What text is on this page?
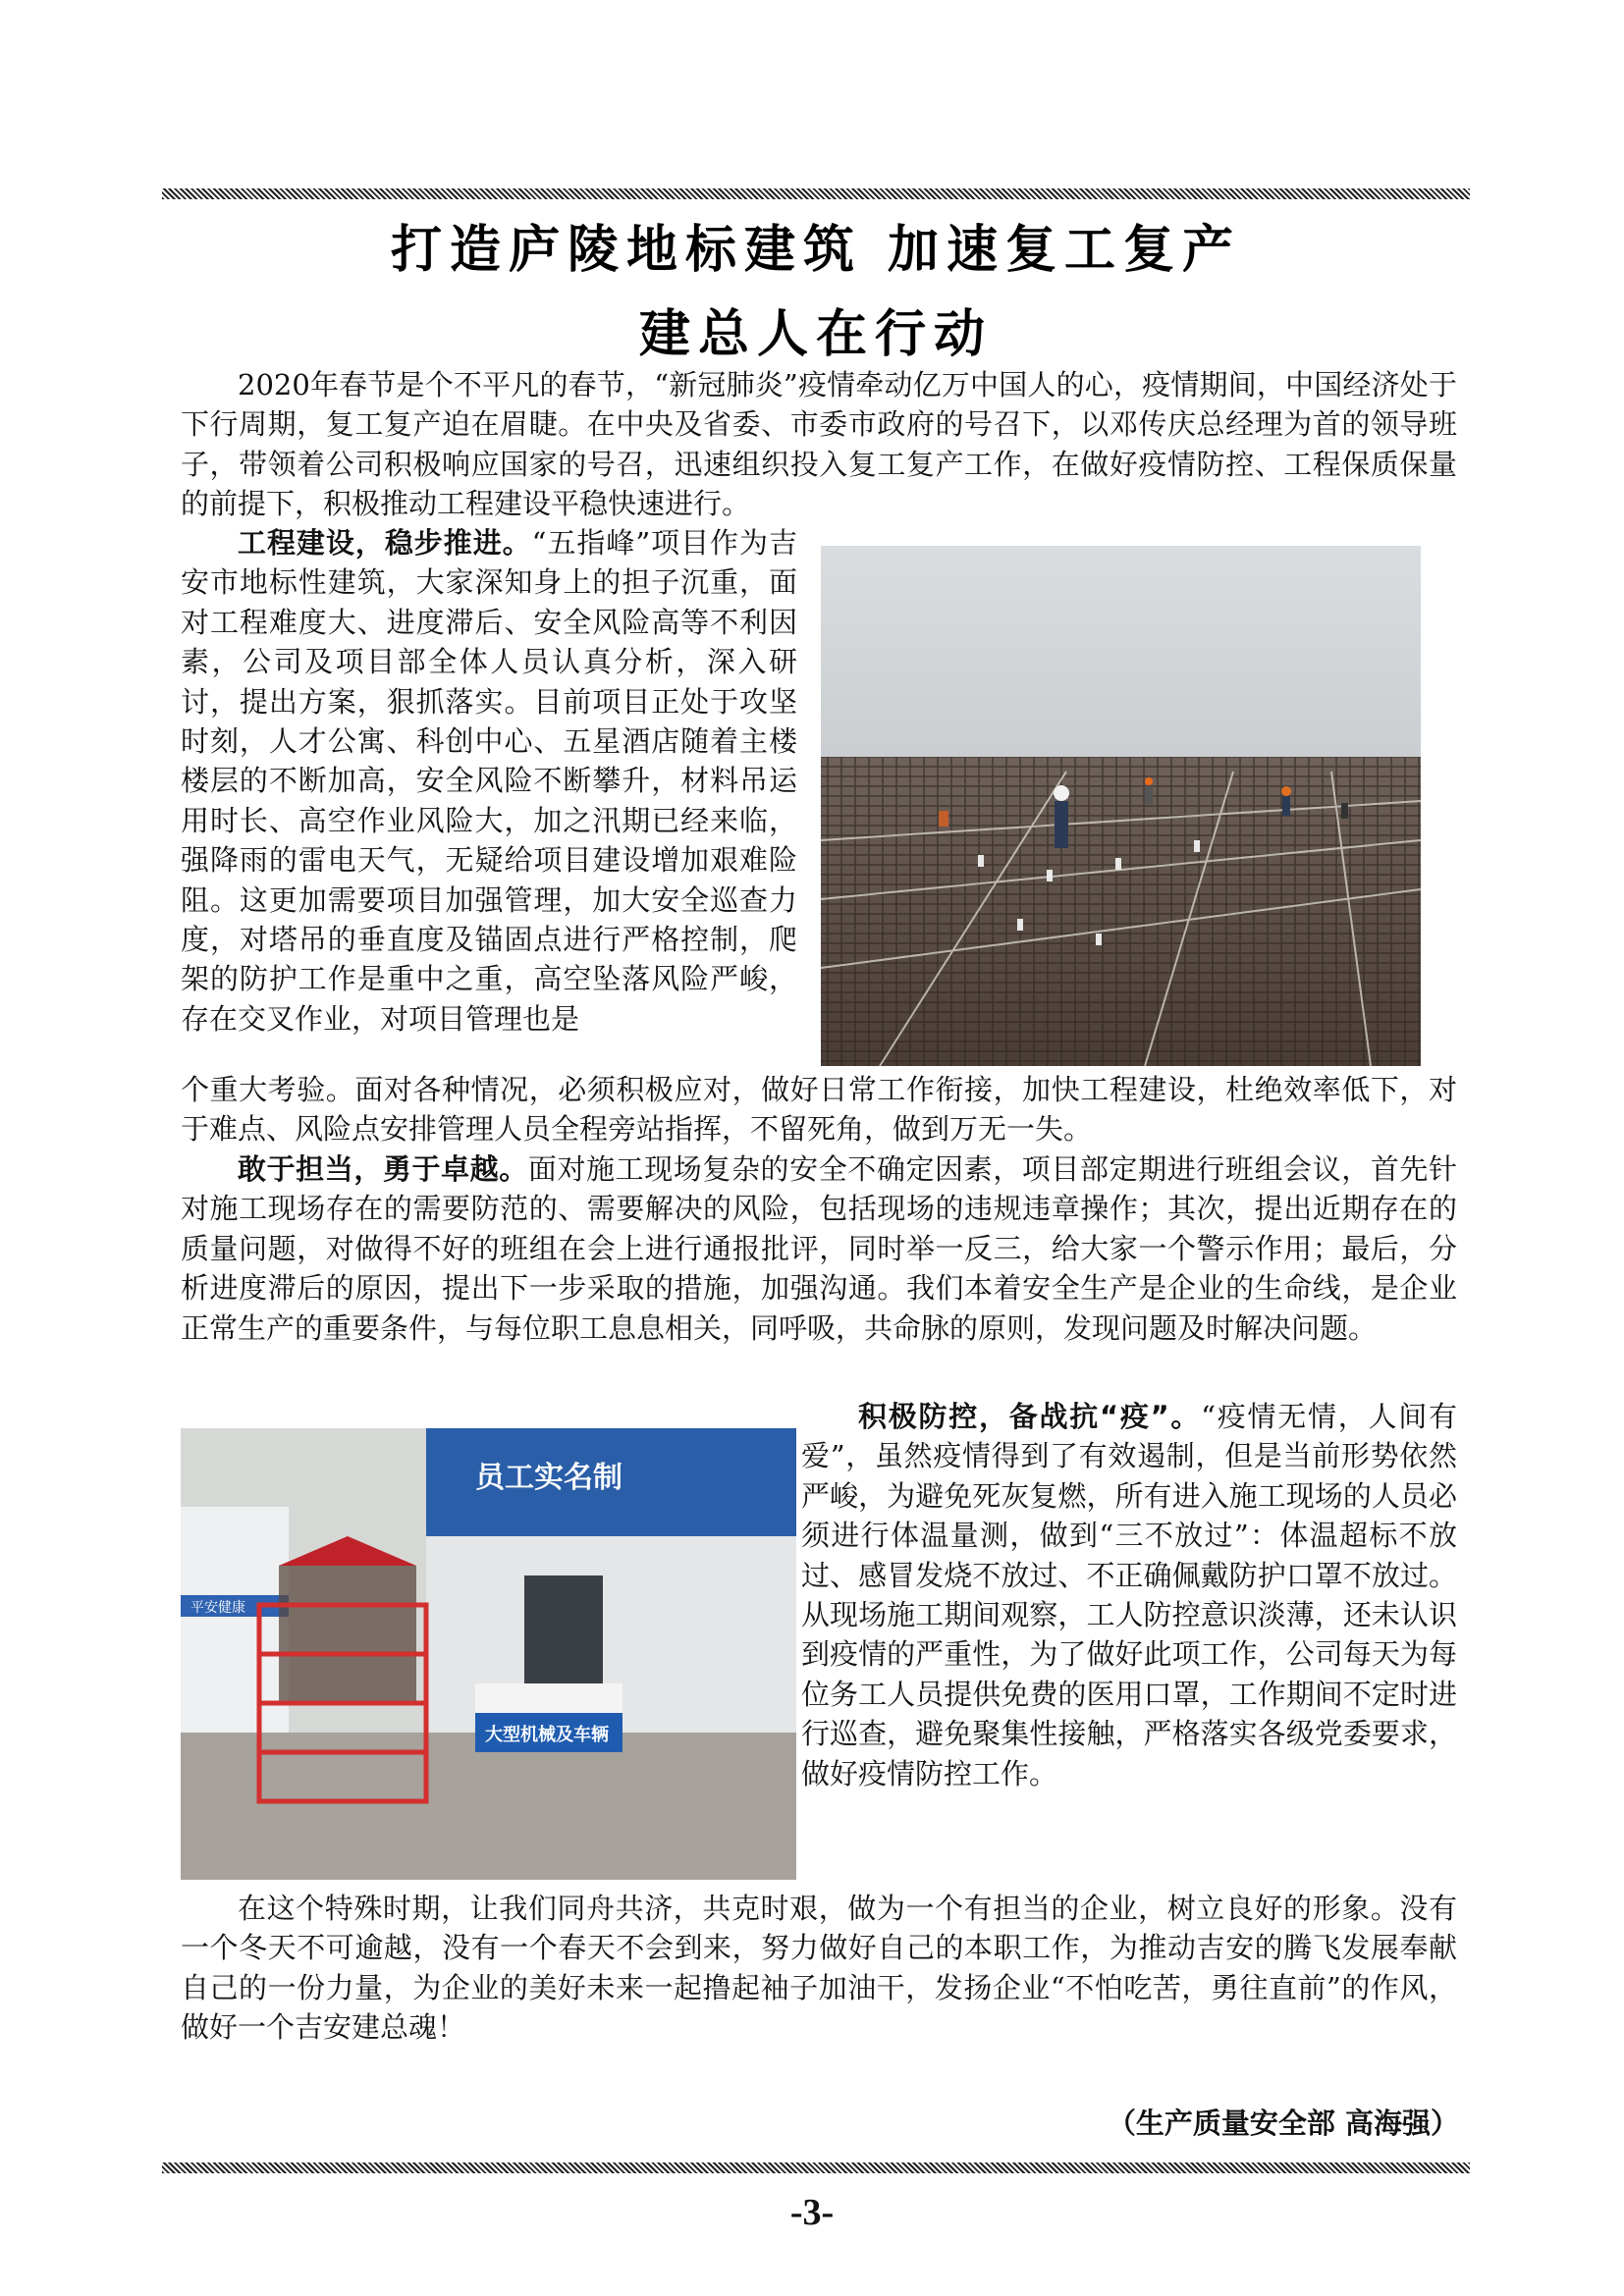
打造庐陵地标建筑 加速复工复产
建总人在行动

2020年春节是个不平凡的春节，“新冠肺炎”疫情牵动亿万中国人的心，疫情期间，中国经济处于下行周期，复工复产迫在眉睫。在中央及省委、市委市政府的号召下，以邓传庆总经理为首的领导班子，带领着公司积极响应国家的号召，迅速组织投入复工复产工作，在做好疫情防控、工程保质保量的前提下，积极推动工程建设平稳快速进行。

工程建设，稳步推进。“五指峰”项目作为吉安市地标性建筑，大家深知身上的担子沉重，面对工程难度大、进度滞后、安全风险高等不利因素，公司及项目部全体人员认真分析，深入研讨，提出方案，狠抓落实。目前项目正处于攻坚时刻，人才公寓、科创中心、五星酒店随着主楼楼层的不断加高，安全风险不断攀升，材料吊运用时长、高空作业风险大，加之汛期已经来临，强降雨的雷电天气，无疑给项目建设增加艰难险阻。这更加需要项目加强管理，加大安全巡查力度，对塔吊的垂直度及锚固点进行严格控制，爬架的防护工作是重中之重，高空坠落风险严峻，存在交叉作业，对项目管理也是

个重大考验。面对各种情况，必须积极应对，做好日常工作衔接，加快工程建设，杜绝效率低下，对于难点、风险点安排管理人员全程旁站指挥，不留死角，做到万无一失。

敢于担当，勇于卓越。面对施工现场复杂的安全不确定因素，项目部定期进行班组会议，首先针对施工现场存在的需要防范的、需要解决的风险，包括现场的违规违章操作；其次，提出近期存在的质量问题，对做得不好的班组在会上进行通报批评，同时举一反三，给大家一个警示作用；最后，分析进度滞后的原因，提出下一步采取的措施，加强沟通。我们本着安全生产是企业的生命线，是企业正常生产的重要条件，与每位职工息息相关，同呼吸，共命脉的原则，发现问题及时解决问题。

平安健康
员工实名制
大型机械及车辆

积极防控，备战抗“疫”。“疫情无情，人间有爱”，虽然疫情得到了有效遏制，但是当前形势依然严峻，为避免死灰复燃，所有进入施工现场的人员必须进行体温量测，做到“三不放过”：体温超标不放过、感冒发烧不放过、不正确佩戴防护口罩不放过。从现场施工期间观察，工人防控意识淡薄，还未认识到疫情的严重性，为了做好此项工作，公司每天为每位务工人员提供免费的医用口罩，工作期间不定时进行巡查，避免聚集性接触，严格落实各级党委要求，做好疫情防控工作。

在这个特殊时期，让我们同舟共济，共克时艰，做为一个有担当的企业，树立良好的形象。没有一个冬天不可逾越，没有一个春天不会到来，努力做好自己的本职工作，为推动吉安的腾飞发展奉献自己的一份力量，为企业的美好未来一起撸起袖子加油干，发扬企业“不怕吃苦，勇往直前”的作风，做好一个吉安建总魂！

（生产质量安全部 高海强）
-3-
